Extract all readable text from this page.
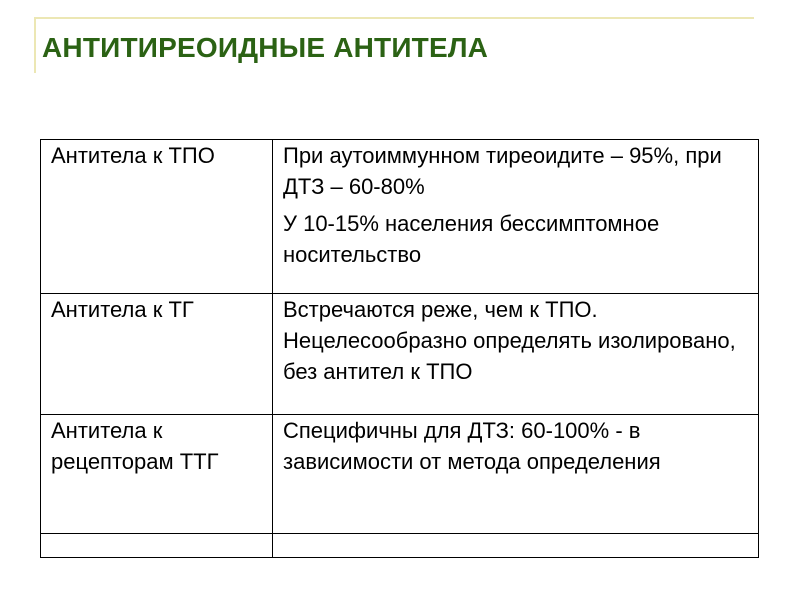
АНТИТИРЕОИДНЫЕ АНТИТЕЛА

Антитела к ТПО	При аутоиммунном тиреоидите – 95%, при ДТЗ – 60-80%

У 10-15% населения бессимптомное носительство

Антитела к ТГ	Встречаются реже, чем к ТПО. Нецелесообразно определять изолировано, без антител к ТПО

Антитела к рецепторам ТТГ	Специфичны для ДТЗ: 60-100% - в зависимости от метода определения
